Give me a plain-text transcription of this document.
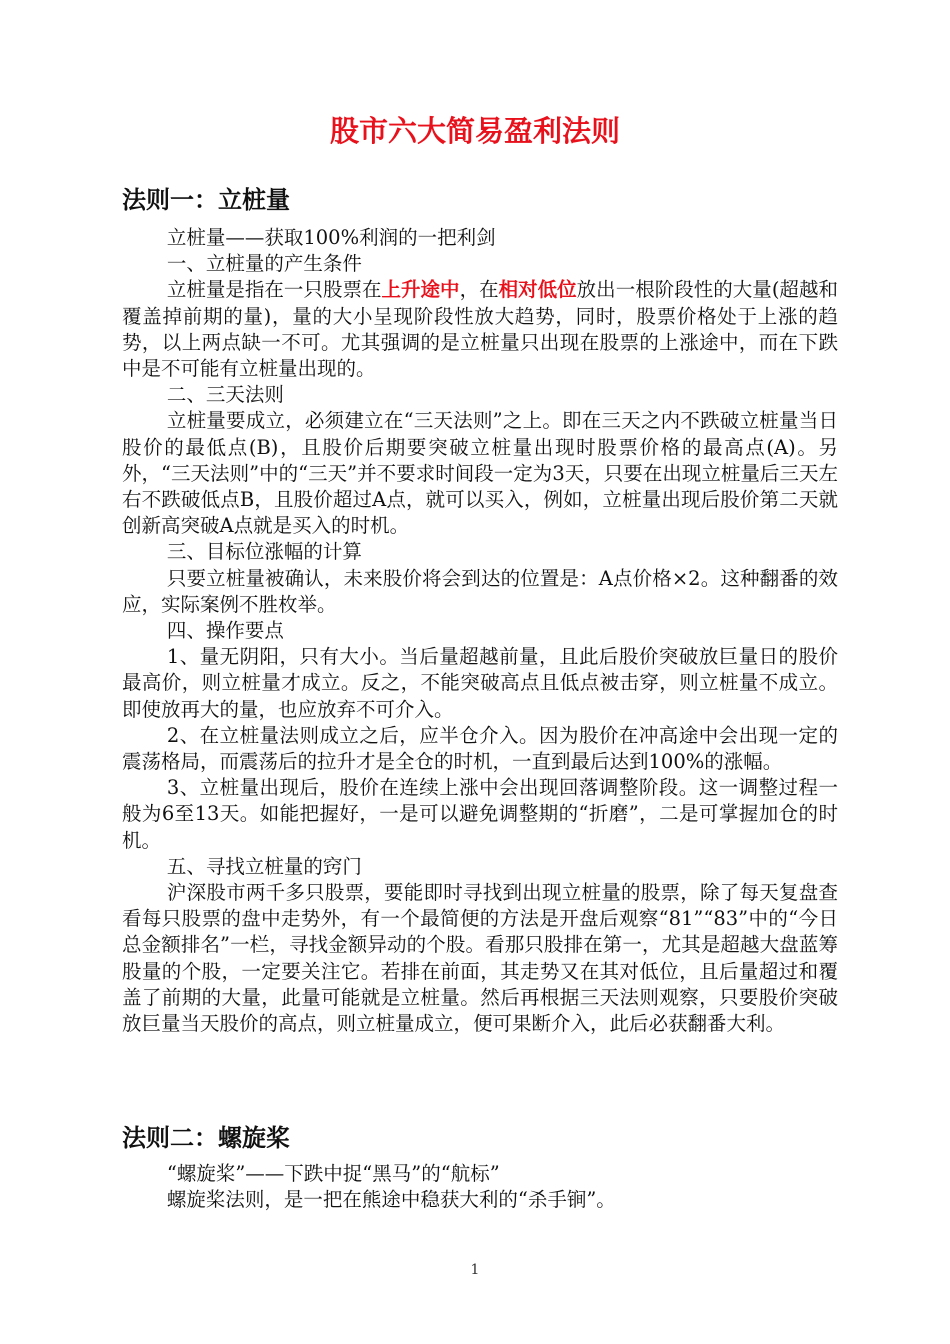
股市六大简易盈利法则
法则一：立桩量

立桩量——获取100%利润的一把利剑

一、立桩量的产生条件

立桩量是指在一只股票在上升途中，在相对低位放出一根阶段性的大量(超越和覆盖掉前期的量)，量的大小呈现阶段性放大趋势，同时，股票价格处于上涨的趋势，以上两点缺一不可。尤其强调的是立桩量只出现在股票的上涨途中，而在下跌中是不可能有立桩量出现的。

二、三天法则

立桩量要成立，必须建立在“三天法则”之上。即在三天之内不跌破立桩量当日股价的最低点(B)，且股价后期要突破立桩量出现时股票价格的最高点(A)。另外，“三天法则”中的“三天”并不要求时间段一定为3天，只要在出现立桩量后三天左右不跌破低点B，且股价超过A点，就可以买入，例如，立桩量出现后股价第二天就创新高突破A点就是买入的时机。

三、目标位涨幅的计算

只要立桩量被确认，未来股价将会到达的位置是：A点价格×2。这种翻番的效应，实际案例不胜枚举。

四、操作要点

1、量无阴阳，只有大小。当后量超越前量，且此后股价突破放巨量日的股价最高价，则立桩量才成立。反之，不能突破高点且低点被击穿，则立桩量不成立。即使放再大的量，也应放弃不可介入。

2、在立桩量法则成立之后，应半仓介入。因为股价在冲高途中会出现一定的震荡格局，而震荡后的拉升才是全仓的时机，一直到最后达到100%的涨幅。

3、立桩量出现后，股价在连续上涨中会出现回落调整阶段。这一调整过程一般为6至13天。如能把握好，一是可以避免调整期的“折磨”，二是可掌握加仓的时机。

五、寻找立桩量的窍门

沪深股市两千多只股票，要能即时寻找到出现立桩量的股票，除了每天复盘查看每只股票的盘中走势外，有一个最简便的方法是开盘后观察“81”“83”中的“今日总金额排名”一栏，寻找金额异动的个股。看那只股排在第一，尤其是超越大盘蓝筹股量的个股，一定要关注它。若排在前面，其走势又在其对低位，且后量超过和覆盖了前期的大量，此量可能就是立桩量。然后再根据三天法则观察，只要股价突破放巨量当天股价的高点，则立桩量成立，便可果断介入，此后必获翻番大利。

法则二：螺旋桨

“螺旋桨”——下跌中捉“黑马”的“航标”

螺旋桨法则，是一把在熊途中稳获大利的“杀手锏”。

1
